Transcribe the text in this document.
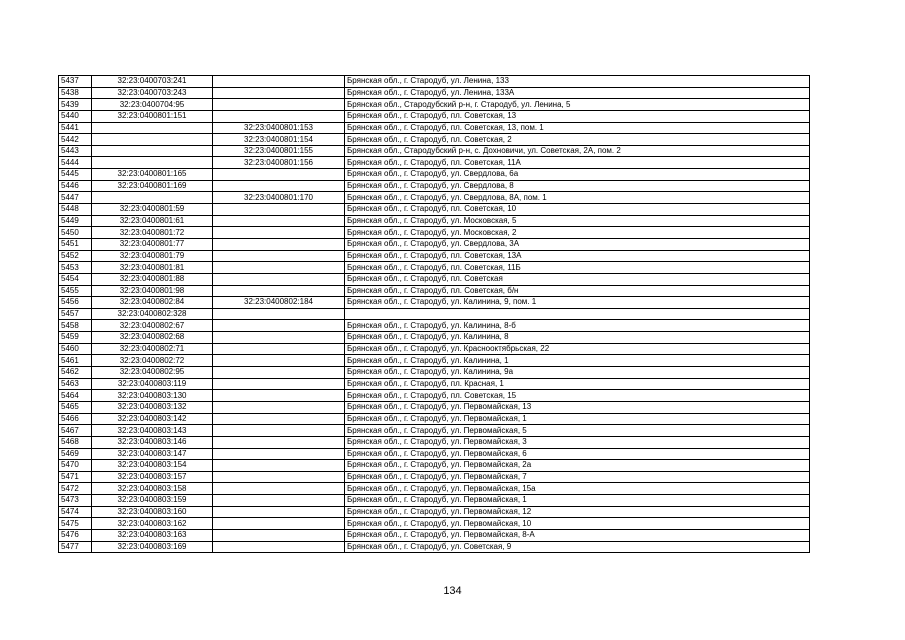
5437	32:23:0400703:241		Брянская обл., г. Стародуб, ул. Ленина, 133
5438	32:23:0400703:243		Брянская обл., г. Стародуб, ул. Ленина, 133А
5439	32:23:0400704:95		Брянская обл., Стародубский р-н, г. Стародуб, ул. Ленина, 5
5440	32:23:0400801:151		Брянская обл., г. Стародуб, пл. Советская, 13
5441		32:23:0400801:153	Брянская обл., г. Стародуб, пл. Советская, 13, пом. 1
5442		32:23:0400801:154	Брянская обл., г. Стародуб, пл. Советская, 2
5443		32:23:0400801:155	Брянская обл., Стародубский р-н, с. Дохновичи, ул. Советская, 2А, пом. 2
5444		32:23:0400801:156	Брянская обл., г. Стародуб, пл. Советская, 11А
5445	32:23:0400801:165		Брянская обл., г. Стародуб, ул. Свердлова, 6а
5446	32:23:0400801:169		Брянская обл., г. Стародуб, ул. Свердлова, 8
5447		32:23:0400801:170	Брянская обл., г. Стародуб, ул. Свердлова, 8А, пом. 1
5448	32:23:0400801:59		Брянская обл., г. Стародуб, пл. Советская, 10
5449	32:23:0400801:61		Брянская обл., г. Стародуб, ул. Московская, 5
5450	32:23:0400801:72		Брянская обл., г. Стародуб, ул. Московская, 2
5451	32:23:0400801:77		Брянская обл., г. Стародуб, ул. Свердлова, 3А
5452	32:23:0400801:79		Брянская обл., г. Стародуб, пл. Советская, 13А
5453	32:23:0400801:81		Брянская обл., г. Стародуб, пл. Советская, 11Б
5454	32:23:0400801:88		Брянская обл., г. Стародуб, пл. Советская
5455	32:23:0400801:98		Брянская обл., г. Стародуб, пл. Советская, б/н
5456	32:23:0400802:84	32:23:0400802:184	Брянская обл., г. Стародуб, ул. Калинина, 9, пом. 1
5457	32:23:0400802:328		
5458	32:23:0400802:67		Брянская обл., г. Стародуб, ул. Калинина, 8-б
5459	32:23:0400802:68		Брянская обл., г. Стародуб, ул. Калинина, 8
5460	32:23:0400802:71		Брянская обл., г. Стародуб, ул. Краснооктябрьская, 22
5461	32:23:0400802:72		Брянская обл., г. Стародуб, ул. Калинина, 1
5462	32:23:0400802:95		Брянская обл., г. Стародуб, ул. Калинина, 9а
5463	32:23:0400803:119		Брянская обл., г. Стародуб, пл. Красная, 1
5464	32:23:0400803:130		Брянская обл., г. Стародуб, пл. Советская, 15
5465	32:23:0400803:132		Брянская обл., г. Стародуб, ул. Первомайская, 13
5466	32:23:0400803:142		Брянская обл., г. Стародуб, ул. Первомайская, 1
5467	32:23:0400803:143		Брянская обл., г. Стародуб, ул. Первомайская, 5
5468	32:23:0400803:146		Брянская обл., г. Стародуб, ул. Первомайская, 3
5469	32:23:0400803:147		Брянская обл., г. Стародуб, ул. Первомайская, 6
5470	32:23:0400803:154		Брянская обл., г. Стародуб, ул. Первомайская, 2а
5471	32:23:0400803:157		Брянская обл., г. Стародуб, ул. Первомайская, 7
5472	32:23:0400803:158		Брянская обл., г. Стародуб, ул. Первомайская, 15а
5473	32:23:0400803:159		Брянская обл., г. Стародуб, ул. Первомайская, 1
5474	32:23:0400803:160		Брянская обл., г. Стародуб, ул. Первомайская, 12
5475	32:23:0400803:162		Брянская обл., г. Стародуб, ул. Первомайская, 10
5476	32:23:0400803:163		Брянская обл., г. Стародуб, ул. Первомайская, 8-А
5477	32:23:0400803:169		Брянская обл., г. Стародуб, ул. Советская, 9
134
